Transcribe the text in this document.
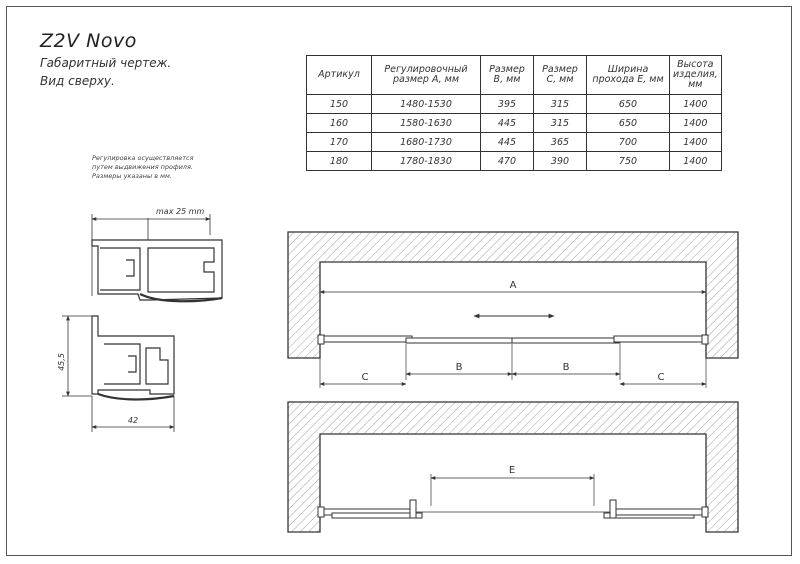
Z2V Novo
Габаритный чертеж.
Вид сверху.
Регулировка осуществляется
путем выдвижения профиля.
Размеры указаны в мм.
Артикул	Регулировочный размер A, мм	Размер B, мм	Размер C, мм	Ширина прохода E, мм	Высота изделия, мм
150	1480-1530	395	315	650	1400
160	1580-1630	445	315	650	1400
170	1680-1730	445	365	700	1400
180	1780-1830	470	390	750	1400
max 25 mm
45,5
42
A
B	B
C	C
E
